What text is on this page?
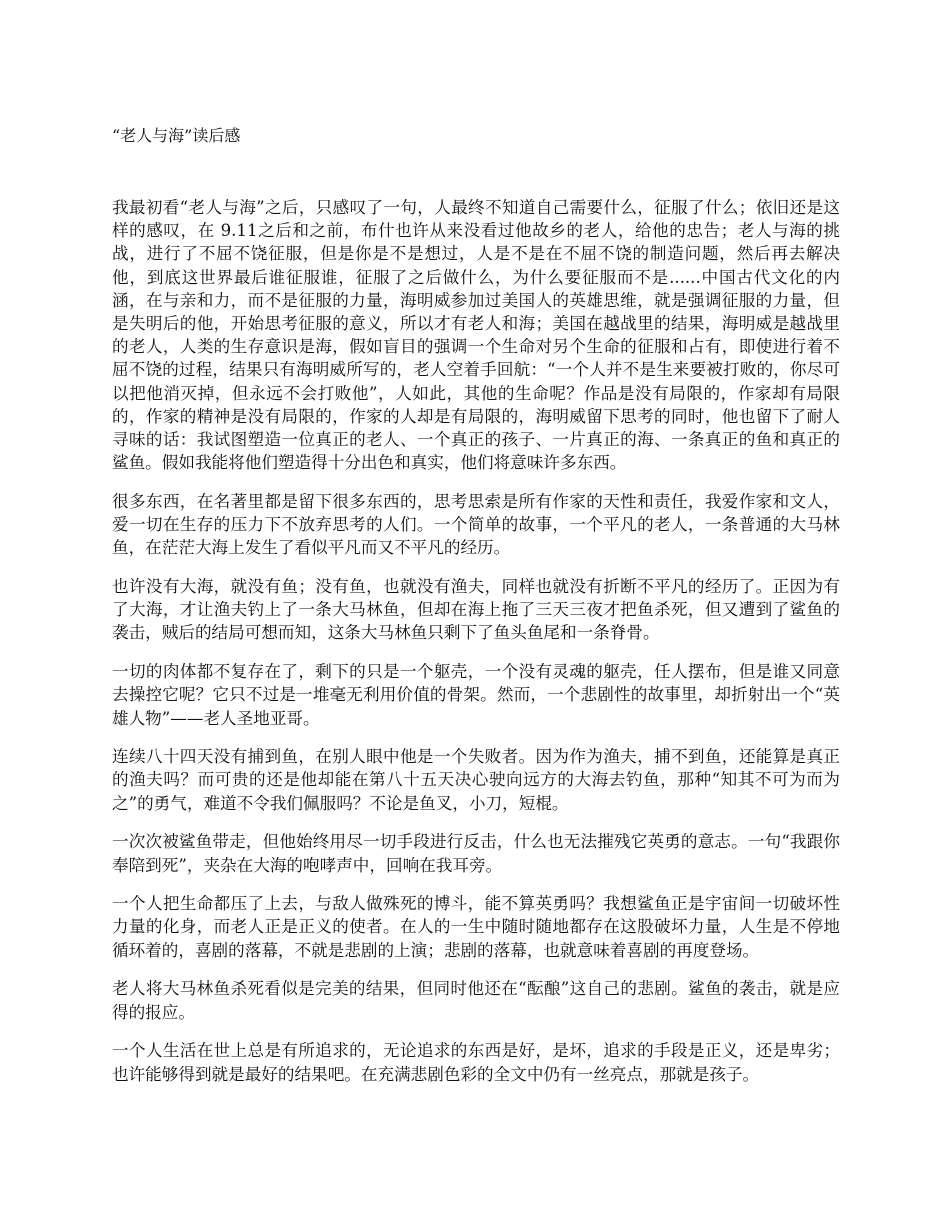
“老人与海”读后感

我最初看“老人与海”之后，只感叹了一句，人最终不知道自己需要什么，征服了什么；依旧还是这样的感叹，在 9.11之后和之前，布什也许从来没看过他故乡的老人，给他的忠告；老人与海的挑战，进行了不屈不饶征服，但是你是不是想过，人是不是在不屈不饶的制造问题，然后再去解决他，到底这世界最后谁征服谁，征服了之后做什么，为什么要征服而不是......中国古代文化的内涵，在与亲和力，而不是征服的力量，海明威参加过美国人的英雄思维，就是强调征服的力量，但是失明后的他，开始思考征服的意义，所以才有老人和海；美国在越战里的结果，海明威是越战里的老人，人类的生存意识是海，假如盲目的强调一个生命对另个生命的征服和占有，即使进行着不屈不饶的过程，结果只有海明威所写的，老人空着手回航：“一个人并不是生来要被打败的，你尽可以把他消灭掉，但永远不会打败他”，人如此，其他的生命呢？作品是没有局限的，作家却有局限的，作家的精神是没有局限的，作家的人却是有局限的，海明威留下思考的同时，他也留下了耐人寻味的话：我试图塑造一位真正的老人、一个真正的孩子、一片真正的海、一条真正的鱼和真正的鲨鱼。假如我能将他们塑造得十分出色和真实，他们将意味许多东西。

很多东西，在名著里都是留下很多东西的，思考思索是所有作家的天性和责任，我爱作家和文人，爱一切在生存的压力下不放弃思考的人们。一个简单的故事，一个平凡的老人，一条普通的大马林鱼，在茫茫大海上发生了看似平凡而又不平凡的经历。

也许没有大海，就没有鱼；没有鱼，也就没有渔夫，同样也就没有折断不平凡的经历了。正因为有了大海，才让渔夫钓上了一条大马林鱼，但却在海上拖了三天三夜才把鱼杀死，但又遭到了鲨鱼的袭击，贼后的结局可想而知，这条大马林鱼只剩下了鱼头鱼尾和一条脊骨。

一切的肉体都不复存在了，剩下的只是一个躯壳，一个没有灵魂的躯壳，任人摆布，但是谁又同意去操控它呢？它只不过是一堆毫无利用价值的骨架。然而，一个悲剧性的故事里，却折射出一个“英雄人物”——老人圣地亚哥。

连续八十四天没有捕到鱼，在别人眼中他是一个失败者。因为作为渔夫，捕不到鱼，还能算是真正的渔夫吗？而可贵的还是他却能在第八十五天决心驶向远方的大海去钓鱼，那种“知其不可为而为之”的勇气，难道不令我们佩服吗？不论是鱼叉，小刀，短棍。

一次次被鲨鱼带走，但他始终用尽一切手段进行反击，什么也无法摧残它英勇的意志。一句“我跟你奉陪到死”，夹杂在大海的咆哮声中，回响在我耳旁。

一个人把生命都压了上去，与敌人做殊死的博斗，能不算英勇吗？我想鲨鱼正是宇宙间一切破坏性力量的化身，而老人正是正义的使者。在人的一生中随时随地都存在这股破坏力量，人生是不停地循环着的，喜剧的落幕，不就是悲剧的上演；悲剧的落幕，也就意味着喜剧的再度登场。

老人将大马林鱼杀死看似是完美的结果，但同时他还在“酝酿”这自己的悲剧。鲨鱼的袭击，就是应得的报应。

一个人生活在世上总是有所追求的，无论追求的东西是好，是坏，追求的手段是正义，还是卑劣；也许能够得到就是最好的结果吧。在充满悲剧色彩的全文中仍有一丝亮点，那就是孩子。
